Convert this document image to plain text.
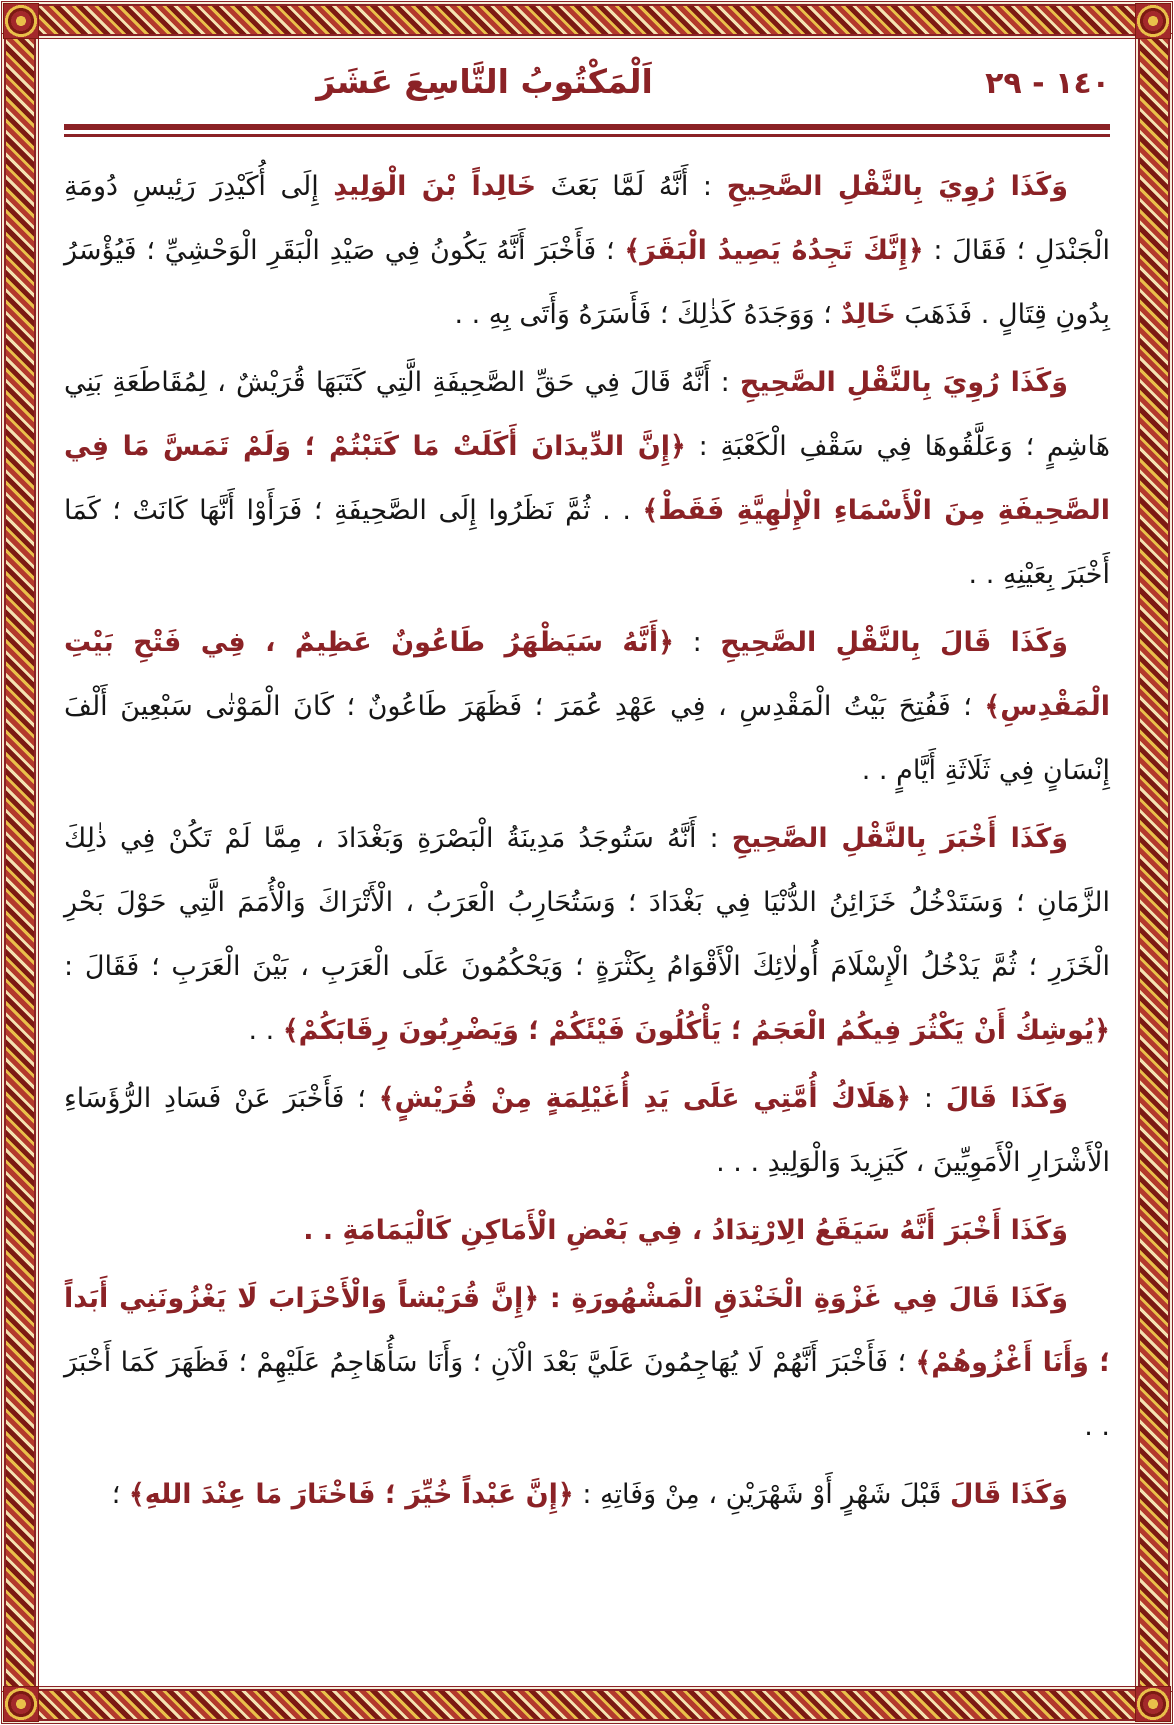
١٤٠ - ٢٩
اَلْمَكْتُوبُ التَّاسِعَ عَشَرَ

وَكَذَا رُوِيَ بِالنَّقْلِ الصَّحِيحِ : أَنَّهُ لَمَّا بَعَثَ خَالِداً بْنَ الْوَلِيدِ إِلَى أُكَيْدِرَ رَئِيسِ دُومَةِ الْجَنْدَلِ ؛ فَقَالَ : ﴿إِنَّكَ تَجِدُهُ يَصِيدُ الْبَقَرَ﴾ ؛ فَأَخْبَرَ أَنَّهُ يَكُونُ فِي صَيْدِ الْبَقَرِ الْوَحْشِيِّ ؛ فَيُؤْسَرُ بِدُونِ قِتَالٍ . فَذَهَبَ خَالِدٌ ؛ وَوَجَدَهُ كَذٰلِكَ ؛ فَأَسَرَهُ وَأَتَى بِهِ . .

وَكَذَا رُوِيَ بِالنَّقْلِ الصَّحِيحِ : أَنَّهُ قَالَ فِي حَقِّ الصَّحِيفَةِ الَّتِي كَتَبَهَا قُرَيْشٌ ، لِمُقَاطَعَةِ بَنِي هَاشِمٍ ؛ وَعَلَّقُوهَا فِي سَقْفِ الْكَعْبَةِ : ﴿إِنَّ الدِّيدَانَ أَكَلَتْ مَا كَتَبْتُمْ ؛ وَلَمْ تَمَسَّ مَا فِي الصَّحِيفَةِ مِنَ الْأَسْمَاءِ الْإِلٰهِيَّةِ فَقَطْ﴾ . . ثُمَّ نَظَرُوا إِلَى الصَّحِيفَةِ ؛ فَرَأَوْا أَنَّهَا كَانَتْ ؛ كَمَا أَخْبَرَ بِعَيْنِهِ . .

وَكَذَا قَالَ بِالنَّقْلِ الصَّحِيحِ : ﴿أَنَّهُ سَيَظْهَرُ طَاعُونٌ عَظِيمٌ ، فِي فَتْحِ بَيْتِ الْمَقْدِسِ﴾ ؛ فَفُتِحَ بَيْتُ الْمَقْدِسِ ، فِي عَهْدِ عُمَرَ ؛ فَظَهَرَ طَاعُونٌ ؛ كَانَ الْمَوْتٰى سَبْعِينَ أَلْفَ إِنْسَانٍ فِي ثَلَاثَةِ أَيَّامٍ . .

وَكَذَا أَخْبَرَ بِالنَّقْلِ الصَّحِيحِ : أَنَّهُ سَتُوجَدُ مَدِينَةُ الْبَصْرَةِ وَبَغْدَادَ ، مِمَّا لَمْ تَكُنْ فِي ذٰلِكَ الزَّمَانِ ؛ وَسَتَدْخُلُ خَزَائِنُ الدُّنْيَا فِي بَغْدَادَ ؛ وَسَتُحَارِبُ الْعَرَبُ ، الْأَتْرَاكَ وَالْأُمَمَ الَّتِي حَوْلَ بَحْرِ الْخَزَرِ ؛ ثُمَّ يَدْخُلُ الْإِسْلَامَ أُولٰائِكَ الْأَقْوَامُ بِكَثْرَةٍ ؛ وَيَحْكُمُونَ عَلَى الْعَرَبِ ، بَيْنَ الْعَرَبِ ؛ فَقَالَ : ﴿يُوشِكُ أَنْ يَكْثُرَ فِيكُمُ الْعَجَمُ ؛ يَأْكُلُونَ فَيْئَكُمْ ؛ وَيَضْرِبُونَ رِقَابَكُمْ﴾ . .

وَكَذَا قَالَ : ﴿هَلَاكُ أُمَّتِي عَلَى يَدِ أُغَيْلِمَةٍ مِنْ قُرَيْشٍ﴾ ؛ فَأَخْبَرَ عَنْ فَسَادِ الرُّؤَسَاءِ الْأَشْرَارِ الْأَمَوِيِّينَ ، كَيَزِيدَ وَالْوَلِيدِ . . .

وَكَذَا أَخْبَرَ أَنَّهُ سَيَقَعُ الِارْتِدَادُ ، فِي بَعْضِ الْأَمَاكِنِ كَالْيَمَامَةِ . .

وَكَذَا قَالَ فِي غَزْوَةِ الْخَنْدَقِ الْمَشْهُورَةِ : ﴿إِنَّ قُرَيْشاً وَالْأَحْزَابَ لَا يَغْزُونَنِي أَبَداً ؛ وَأَنَا أَغْزُوهُمْ﴾ ؛ فَأَخْبَرَ أَنَّهُمْ لَا يُهَاجِمُونَ عَلَيَّ بَعْدَ الْآنِ ؛ وَأَنَا سَأُهَاجِمُ عَلَيْهِمْ ؛ فَظَهَرَ كَمَا أَخْبَرَ . .

وَكَذَا قَالَ قَبْلَ شَهْرٍ أَوْ شَهْرَيْنِ ، مِنْ وَفَاتِهِ : ﴿إِنَّ عَبْداً خُيِّرَ ؛ فَاخْتَارَ مَا عِنْدَ اللهِ﴾ ؛
